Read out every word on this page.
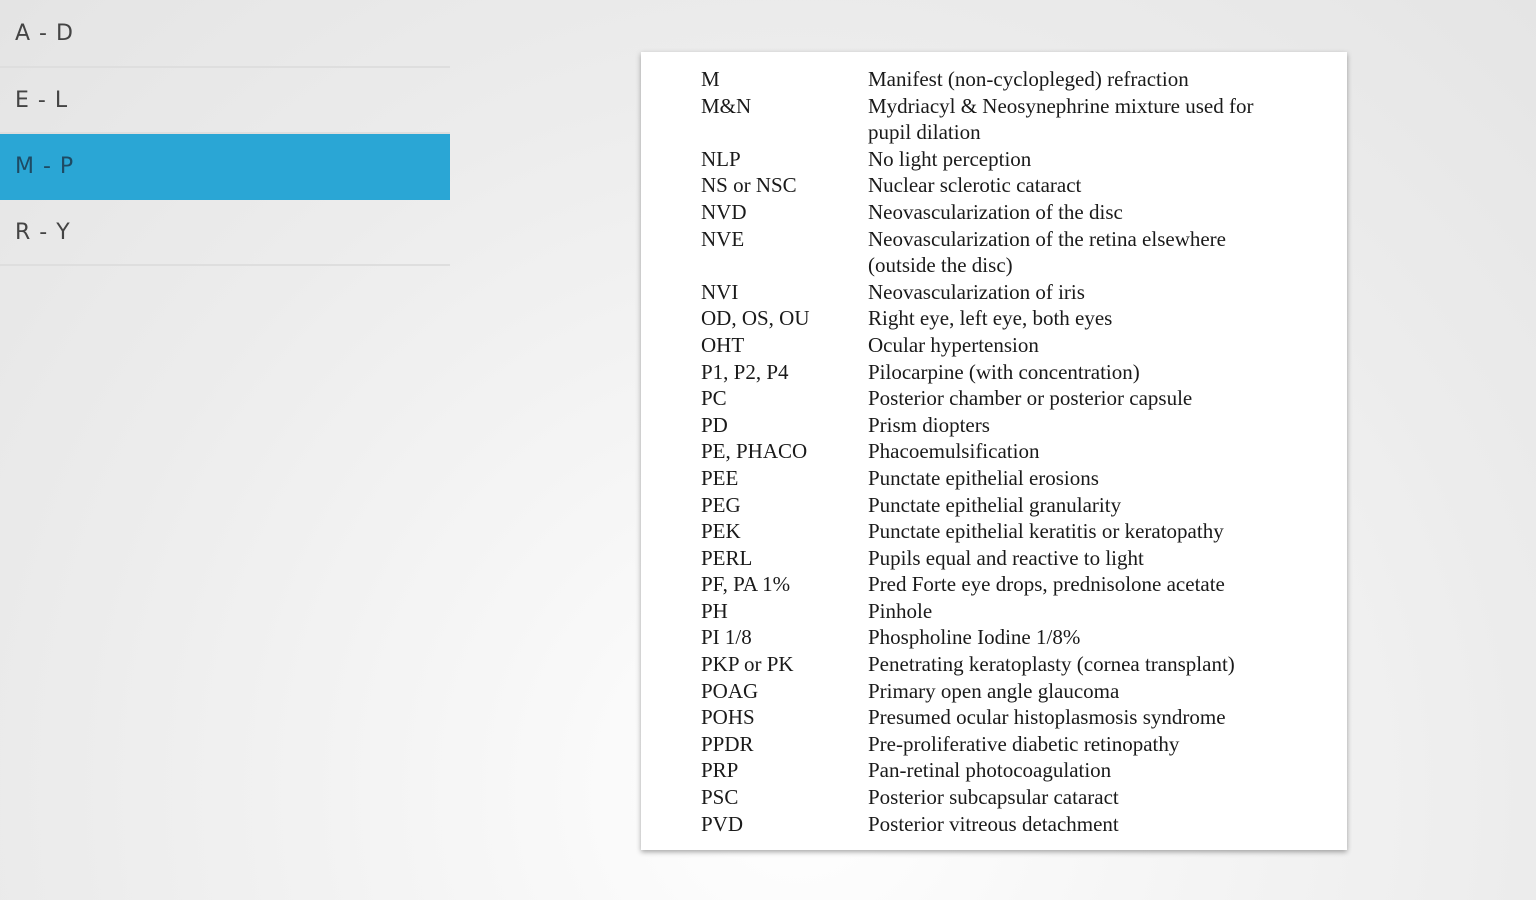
A - D
E - L
M - P
R - Y
M	Manifest (non-cyclopleged) refraction
M&N	Mydriacyl & Neosynephrine mixture used for pupil dilation
NLP	No light perception
NS or NSC	Nuclear sclerotic cataract
NVD	Neovascularization of the disc
NVE	Neovascularization of the retina elsewhere (outside the disc)
NVI	Neovascularization of iris
OD, OS, OU	Right eye, left eye, both eyes
OHT	Ocular hypertension
P1, P2, P4	Pilocarpine (with concentration)
PC	Posterior chamber or posterior capsule
PD	Prism diopters
PE, PHACO	Phacoemulsification
PEE	Punctate epithelial erosions
PEG	Punctate epithelial granularity
PEK	Punctate epithelial keratitis or keratopathy
PERL	Pupils equal and reactive to light
PF, PA 1%	Pred Forte eye drops, prednisolone acetate
PH	Pinhole
PI 1/8	Phospholine Iodine 1/8%
PKP or PK	Penetrating keratoplasty (cornea transplant)
POAG	Primary open angle glaucoma
POHS	Presumed ocular histoplasmosis syndrome
PPDR	Pre-proliferative diabetic retinopathy
PRP	Pan-retinal photocoagulation
PSC	Posterior subcapsular cataract
PVD	Posterior vitreous detachment
